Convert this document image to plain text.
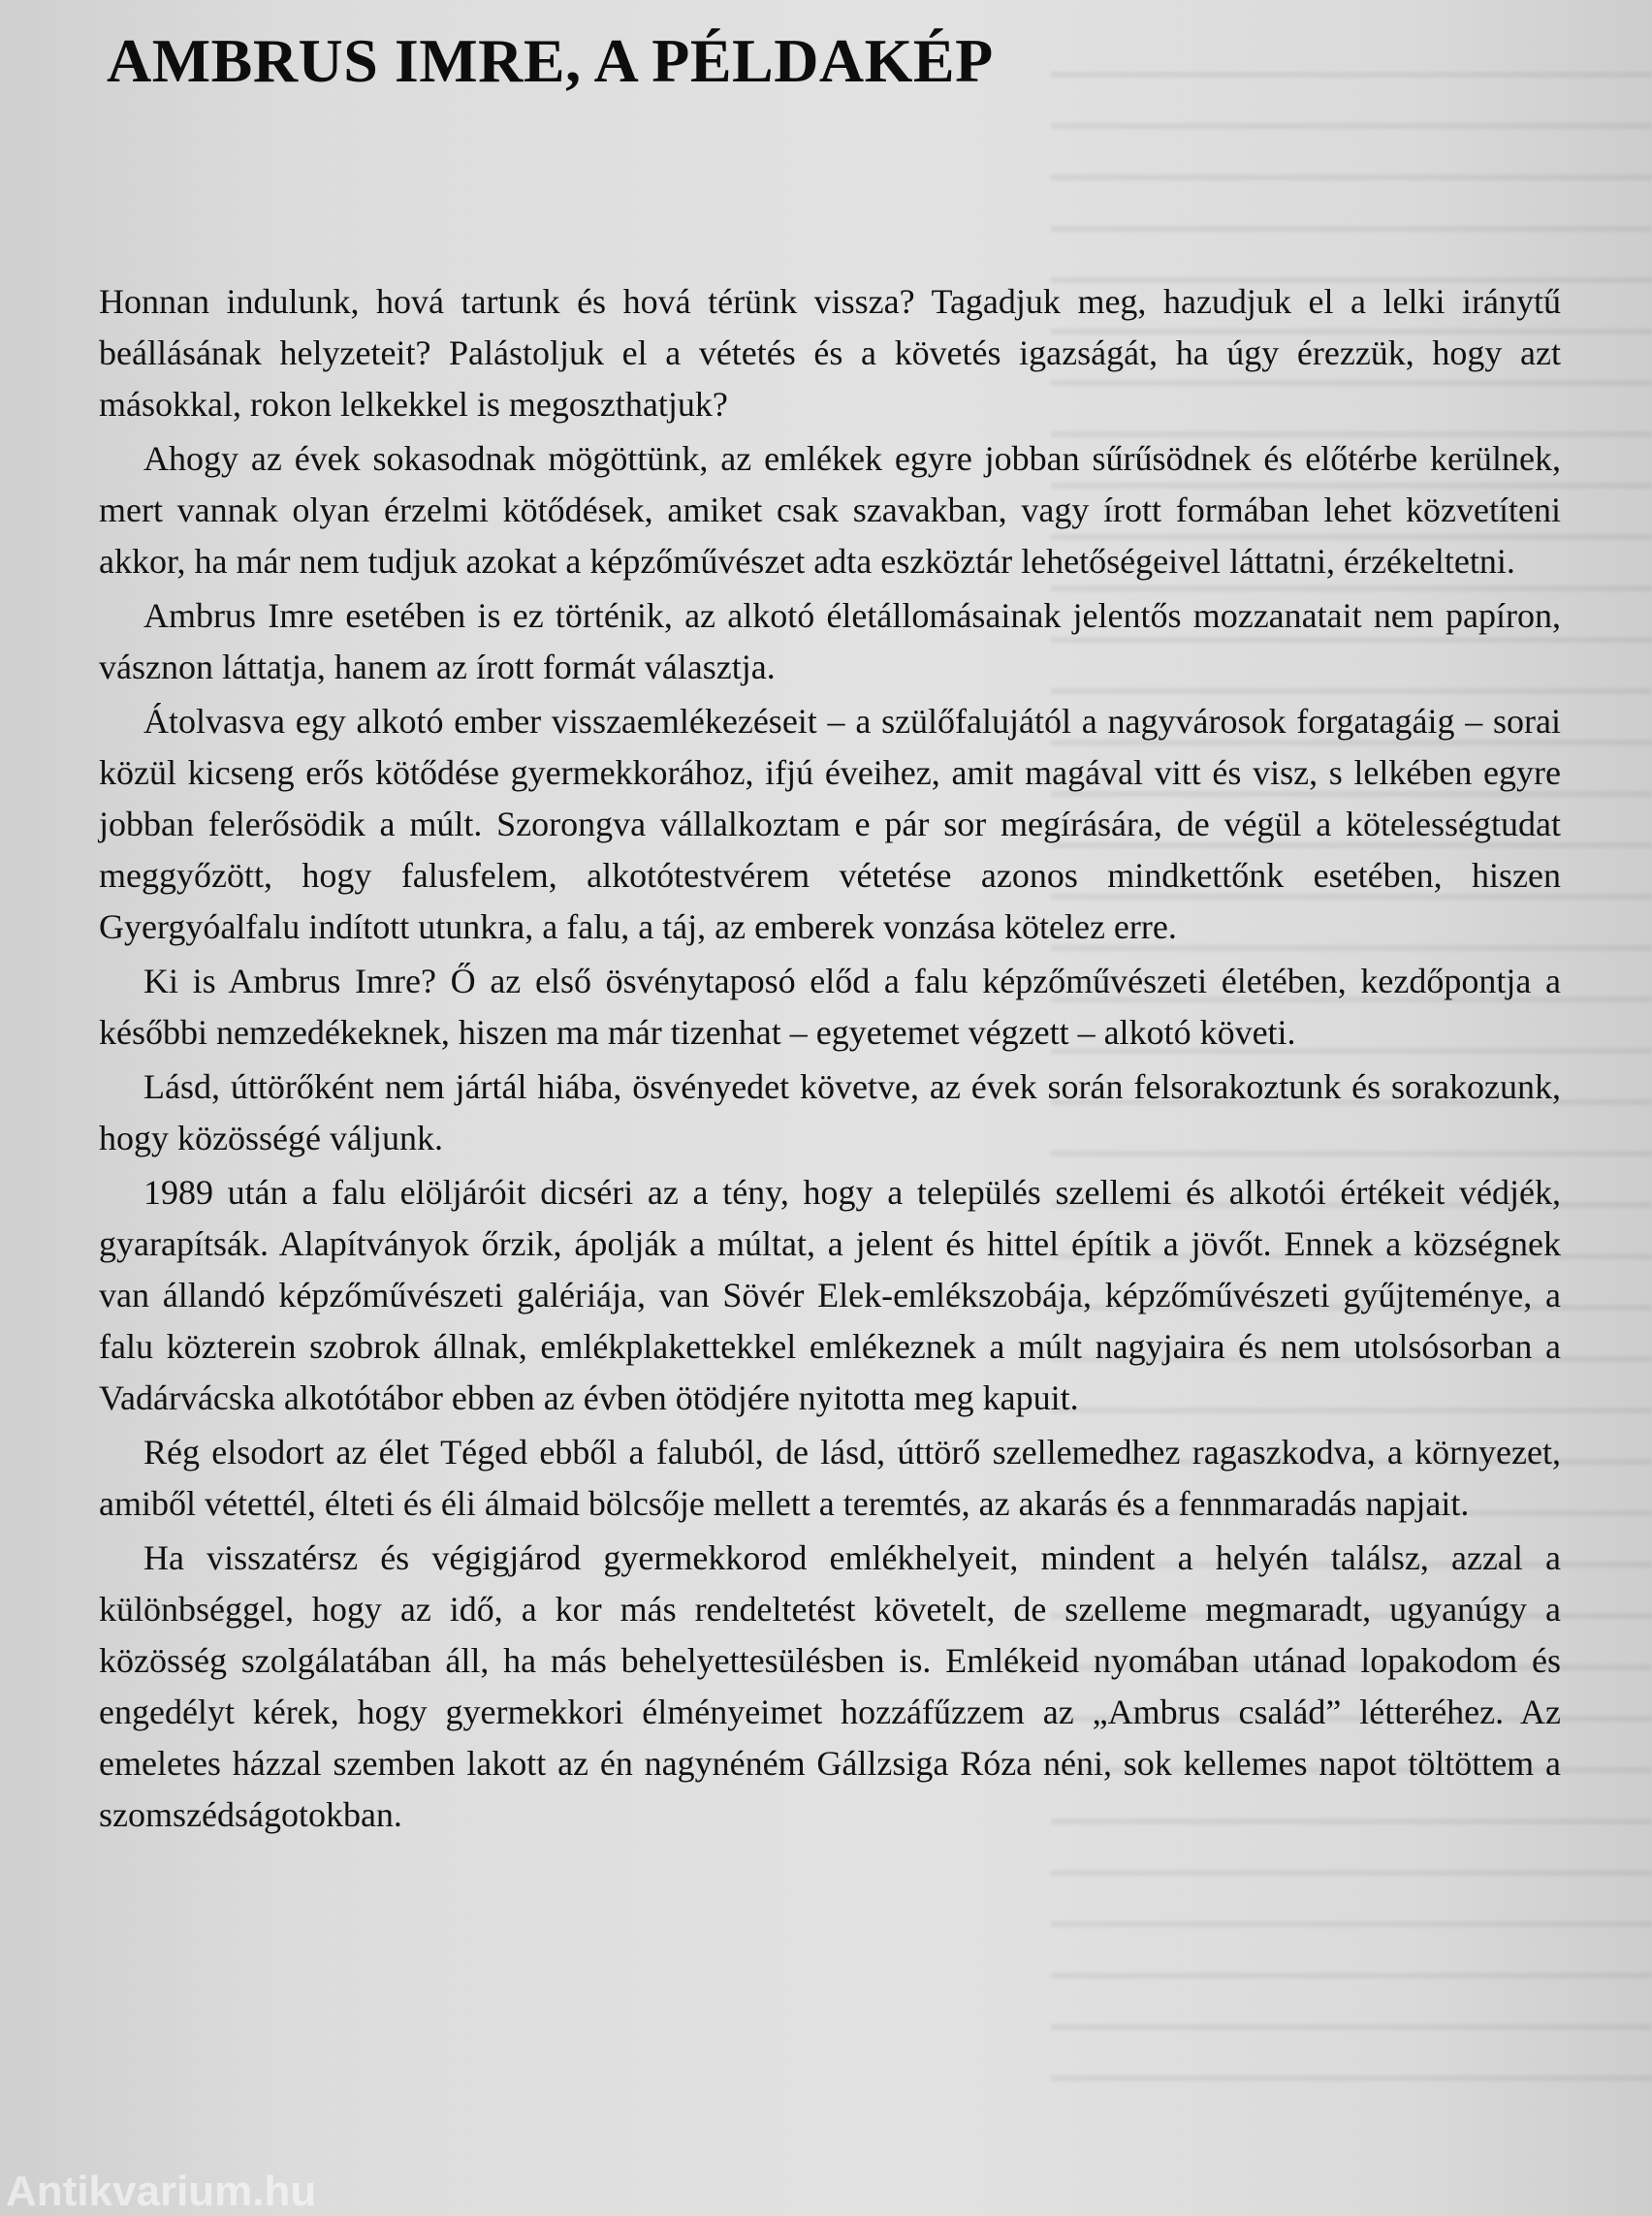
AMBRUS IMRE, A PÉLDAKÉP

Honnan indulunk, hová tartunk és hová térünk vissza? Tagadjuk meg, hazudjuk el a lelki iránytű beállásának helyzeteit? Palástoljuk el a vétetés és a követés igazságát, ha úgy érezzük, hogy azt másokkal, rokon lelkekkel is megoszthatjuk?

Ahogy az évek sokasodnak mögöttünk, az emlékek egyre jobban sűrűsödnek és előtérbe kerülnek, mert vannak olyan érzelmi kötődések, amiket csak szavakban, vagy írott formában lehet közvetíteni akkor, ha már nem tudjuk azokat a képzőművészet adta eszköztár lehetőségeivel láttatni, érzékeltetni.

Ambrus Imre esetében is ez történik, az alkotó életállomásainak jelentős mozzanatait nem papíron, vásznon láttatja, hanem az írott formát választja.

Átolvasva egy alkotó ember visszaemlékezéseit – a szülőfalujától a nagyvárosok forgatagáig – sorai közül kicseng erős kötődése gyermekkorához, ifjú éveihez, amit magával vitt és visz, s lelkében egyre jobban felerősödik a múlt. Szorongva vállalkoztam e pár sor megírására, de végül a kötelességtudat meggyőzött, hogy falusfelem, alkotótestvérem vétetése azonos mindkettőnk esetében, hiszen Gyergyóalfalu indított utunkra, a falu, a táj, az emberek vonzása kötelez erre.

Ki is Ambrus Imre? Ő az első ösvénytaposó előd a falu képzőművészeti életében, kezdőpontja a későbbi nemzedékeknek, hiszen ma már tizenhat – egyetemet végzett – alkotó követi.

Lásd, úttörőként nem jártál hiába, ösvényedet követve, az évek során felsorakoztunk és sorakozunk, hogy közösségé váljunk.

1989 után a falu elöljáróit dicséri az a tény, hogy a település szellemi és alkotói értékeit védjék, gyarapítsák. Alapítványok őrzik, ápolják a múltat, a jelent és hittel építik a jövőt. Ennek a községnek van állandó képzőművészeti galériája, van Sövér Elek-emlékszobája, képzőművészeti gyűjteménye, a falu közterein szobrok állnak, emlékplakettekkel emlékeznek a múlt nagyjaira és nem utolsósorban a Vadárvácska alkotótábor ebben az évben ötödjére nyitotta meg kapuit.

Rég elsodort az élet Téged ebből a faluból, de lásd, úttörő szellemedhez ragaszkodva, a környezet, amiből vétettél, élteti és éli álmaid bölcsője mellett a teremtés, az akarás és a fennmaradás napjait.

Ha visszatérsz és végigjárod gyermekkorod emlékhelyeit, mindent a helyén találsz, azzal a különbséggel, hogy az idő, a kor más rendeltetést követelt, de szelleme megmaradt, ugyanúgy a közösség szolgálatában áll, ha más behelyettesülésben is. Emlékeid nyomában utánad lopakodom és engedélyt kérek, hogy gyermekkori élményeimet hozzáfűzzem az „Ambrus család” létteréhez. Az emeletes házzal szemben lakott az én nagynéném Gállzsiga Róza néni, sok kellemes napot töltöttem a szomszédságotokban.

Antikvarium.hu
